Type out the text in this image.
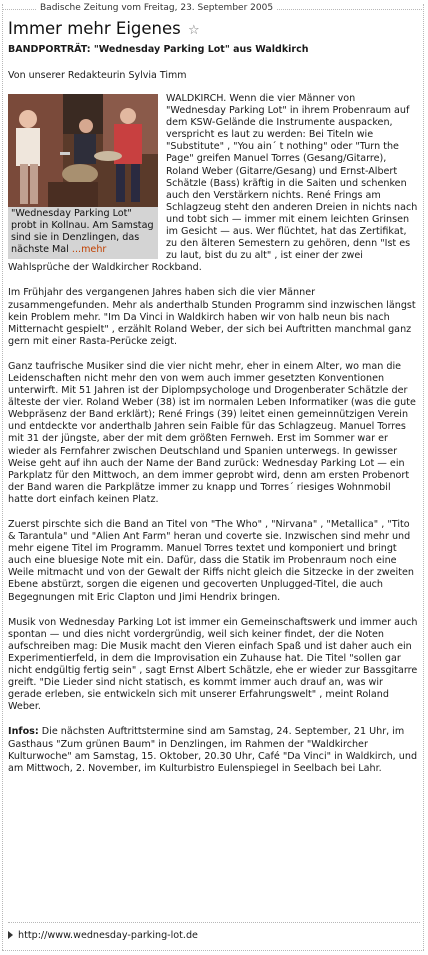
Badische Zeitung vom Freitag, 23. September 2005
Immer mehr Eigenes ☆
BANDPORTRÄT: "Wednesday Parking Lot" aus Waldkirch
Von unserer Redakteurin Sylvia Timm
"Wednesday Parking Lot" probt in Kollnau. Am Samstag sind sie in Denzlingen, das nächste Mal ...mehr

WALDKIRCH. Wenn die vier Männer von "Wednesday Parking Lot" in ihrem Probenraum auf dem KSW-Gelände die Instrumente auspacken, verspricht es laut zu werden: Bei Titeln wie "Substitute" , "You ain´ t nothing" oder "Turn the Page" greifen Manuel Torres (Gesang/Gitarre), Roland Weber (Gitarre/Gesang) und Ernst-Albert Schätzle (Bass) kräftig in die Saiten und schenken auch den Verstärkern nichts. René Frings am Schlagzeug steht den anderen Dreien in nichts nach und tobt sich — immer mit einem leichten Grinsen im Gesicht — aus. Wer flüchtet, hat das Zertifikat, zu den älteren Semestern zu gehören, denn "Ist es zu laut, bist du zu alt" , ist einer der zwei Wahlsprüche der Waldkircher Rockband.

Im Frühjahr des vergangenen Jahres haben sich die vier Männer zusammengefunden. Mehr als anderthalb Stunden Programm sind inzwischen längst kein Problem mehr. "Im Da Vinci in Waldkirch haben wir von halb neun bis nach Mitternacht gespielt" , erzählt Roland Weber, der sich bei Auftritten manchmal ganz gern mit einer Rasta-Perücke zeigt.

Ganz taufrische Musiker sind die vier nicht mehr, eher in einem Alter, wo man die Leidenschaften nicht mehr den von wem auch immer gesetzten Konventionen unterwirft. Mit 51 Jahren ist der Diplompsychologe und Drogenberater Schätzle der älteste der vier. Roland Weber (38) ist im normalen Leben Informatiker (was die gute Webpräsenz der Band erklärt); René Frings (39) leitet einen gemeinnützigen Verein und entdeckte vor anderthalb Jahren sein Faible für das Schlagzeug. Manuel Torres mit 31 der jüngste, aber der mit dem größten Fernweh. Erst im Sommer war er wieder als Fernfahrer zwischen Deutschland und Spanien unterwegs. In gewisser Weise geht auf ihn auch der Name der Band zurück: Wednesday Parking Lot — ein Parkplatz für den Mittwoch, an dem immer geprobt wird, denn am ersten Probenort der Band waren die Parkplätze immer zu knapp und Torres´ riesiges Wohnmobil hatte dort einfach keinen Platz.

Zuerst pirschte sich die Band an Titel von "The Who" , "Nirvana" , "Metallica" , "Tito & Tarantula" und "Alien Ant Farm" heran und coverte sie. Inzwischen sind mehr und mehr eigene Titel im Programm. Manuel Torres textet und komponiert und bringt auch eine bluesige Note mit ein. Dafür, dass die Statik im Probenraum noch eine Weile mitmacht und von der Gewalt der Riffs nicht gleich die Sitzecke in der zweiten Ebene abstürzt, sorgen die eigenen und gecoverten Unplugged-Titel, die auch Begegnungen mit Eric Clapton und Jimi Hendrix bringen.

Musik von Wednesday Parking Lot ist immer ein Gemeinschaftswerk und immer auch spontan — und dies nicht vordergründig, weil sich keiner findet, der die Noten aufschreiben mag: Die Musik macht den Vieren einfach Spaß und ist daher auch ein Experimentierfeld, in dem die Improvisation ein Zuhause hat. Die Titel "sollen gar nicht endgültig fertig sein" , sagt Ernst Albert Schätzle, ehe er wieder zur Bassgitarre greift. "Die Lieder sind nicht statisch, es kommt immer auch drauf an, was wir gerade erleben, sie entwickeln sich mit unserer Erfahrungswelt" , meint Roland Weber.

Infos: Die nächsten Auftrittstermine sind am Samstag, 24. September, 21 Uhr, im Gasthaus "Zum grünen Baum" in Denzlingen, im Rahmen der "Waldkircher Kulturwoche" am Samstag, 15. Oktober, 20.30 Uhr, Café "Da Vinci" in Waldkirch, und am Mittwoch, 2. November, im Kulturbistro Eulenspiegel in Seelbach bei Lahr.

http://www.wednesday-parking-lot.de
